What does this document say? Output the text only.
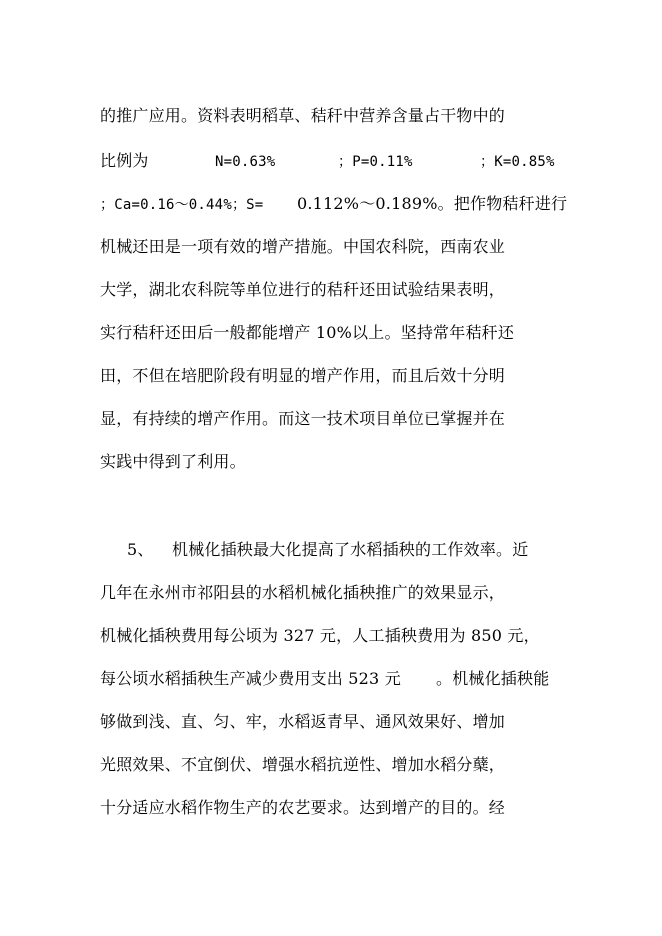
的推广应用。资料表明稻草、秸秆中营养含量占干物中的
比例为	N=0.63%	；P=0.11%	；K=0.85%
；Ca=0.16～0.44%；S= 0.112%～0.189%。把作物秸秆进行
机械还田是一项有效的增产措施。中国农科院，西南农业
大学，湖北农科院等单位进行的秸秆还田试验结果表明，
实行秸秆还田后一般都能增产 10%以上。坚持常年秸秆还
田，不但在培肥阶段有明显的增产作用，而且后效十分明
显，有持续的增产作用。而这一技术项目单位已掌握并在
实践中得到了利用。
5、 机械化插秧最大化提高了水稻插秧的工作效率。近
几年在永州市祁阳县的水稻机械化插秧推广的效果显示，
机械化插秧费用每公顷为 327 元，人工插秧费用为 850 元，
每公顷水稻插秧生产减少费用支出 523 元 。机械化插秧能
够做到浅、直、匀、牢，水稻返青早、通风效果好、增加
光照效果、不宜倒伏、增强水稻抗逆性、增加水稻分蘖，
十分适应水稻作物生产的农艺要求。达到增产的目的。经
